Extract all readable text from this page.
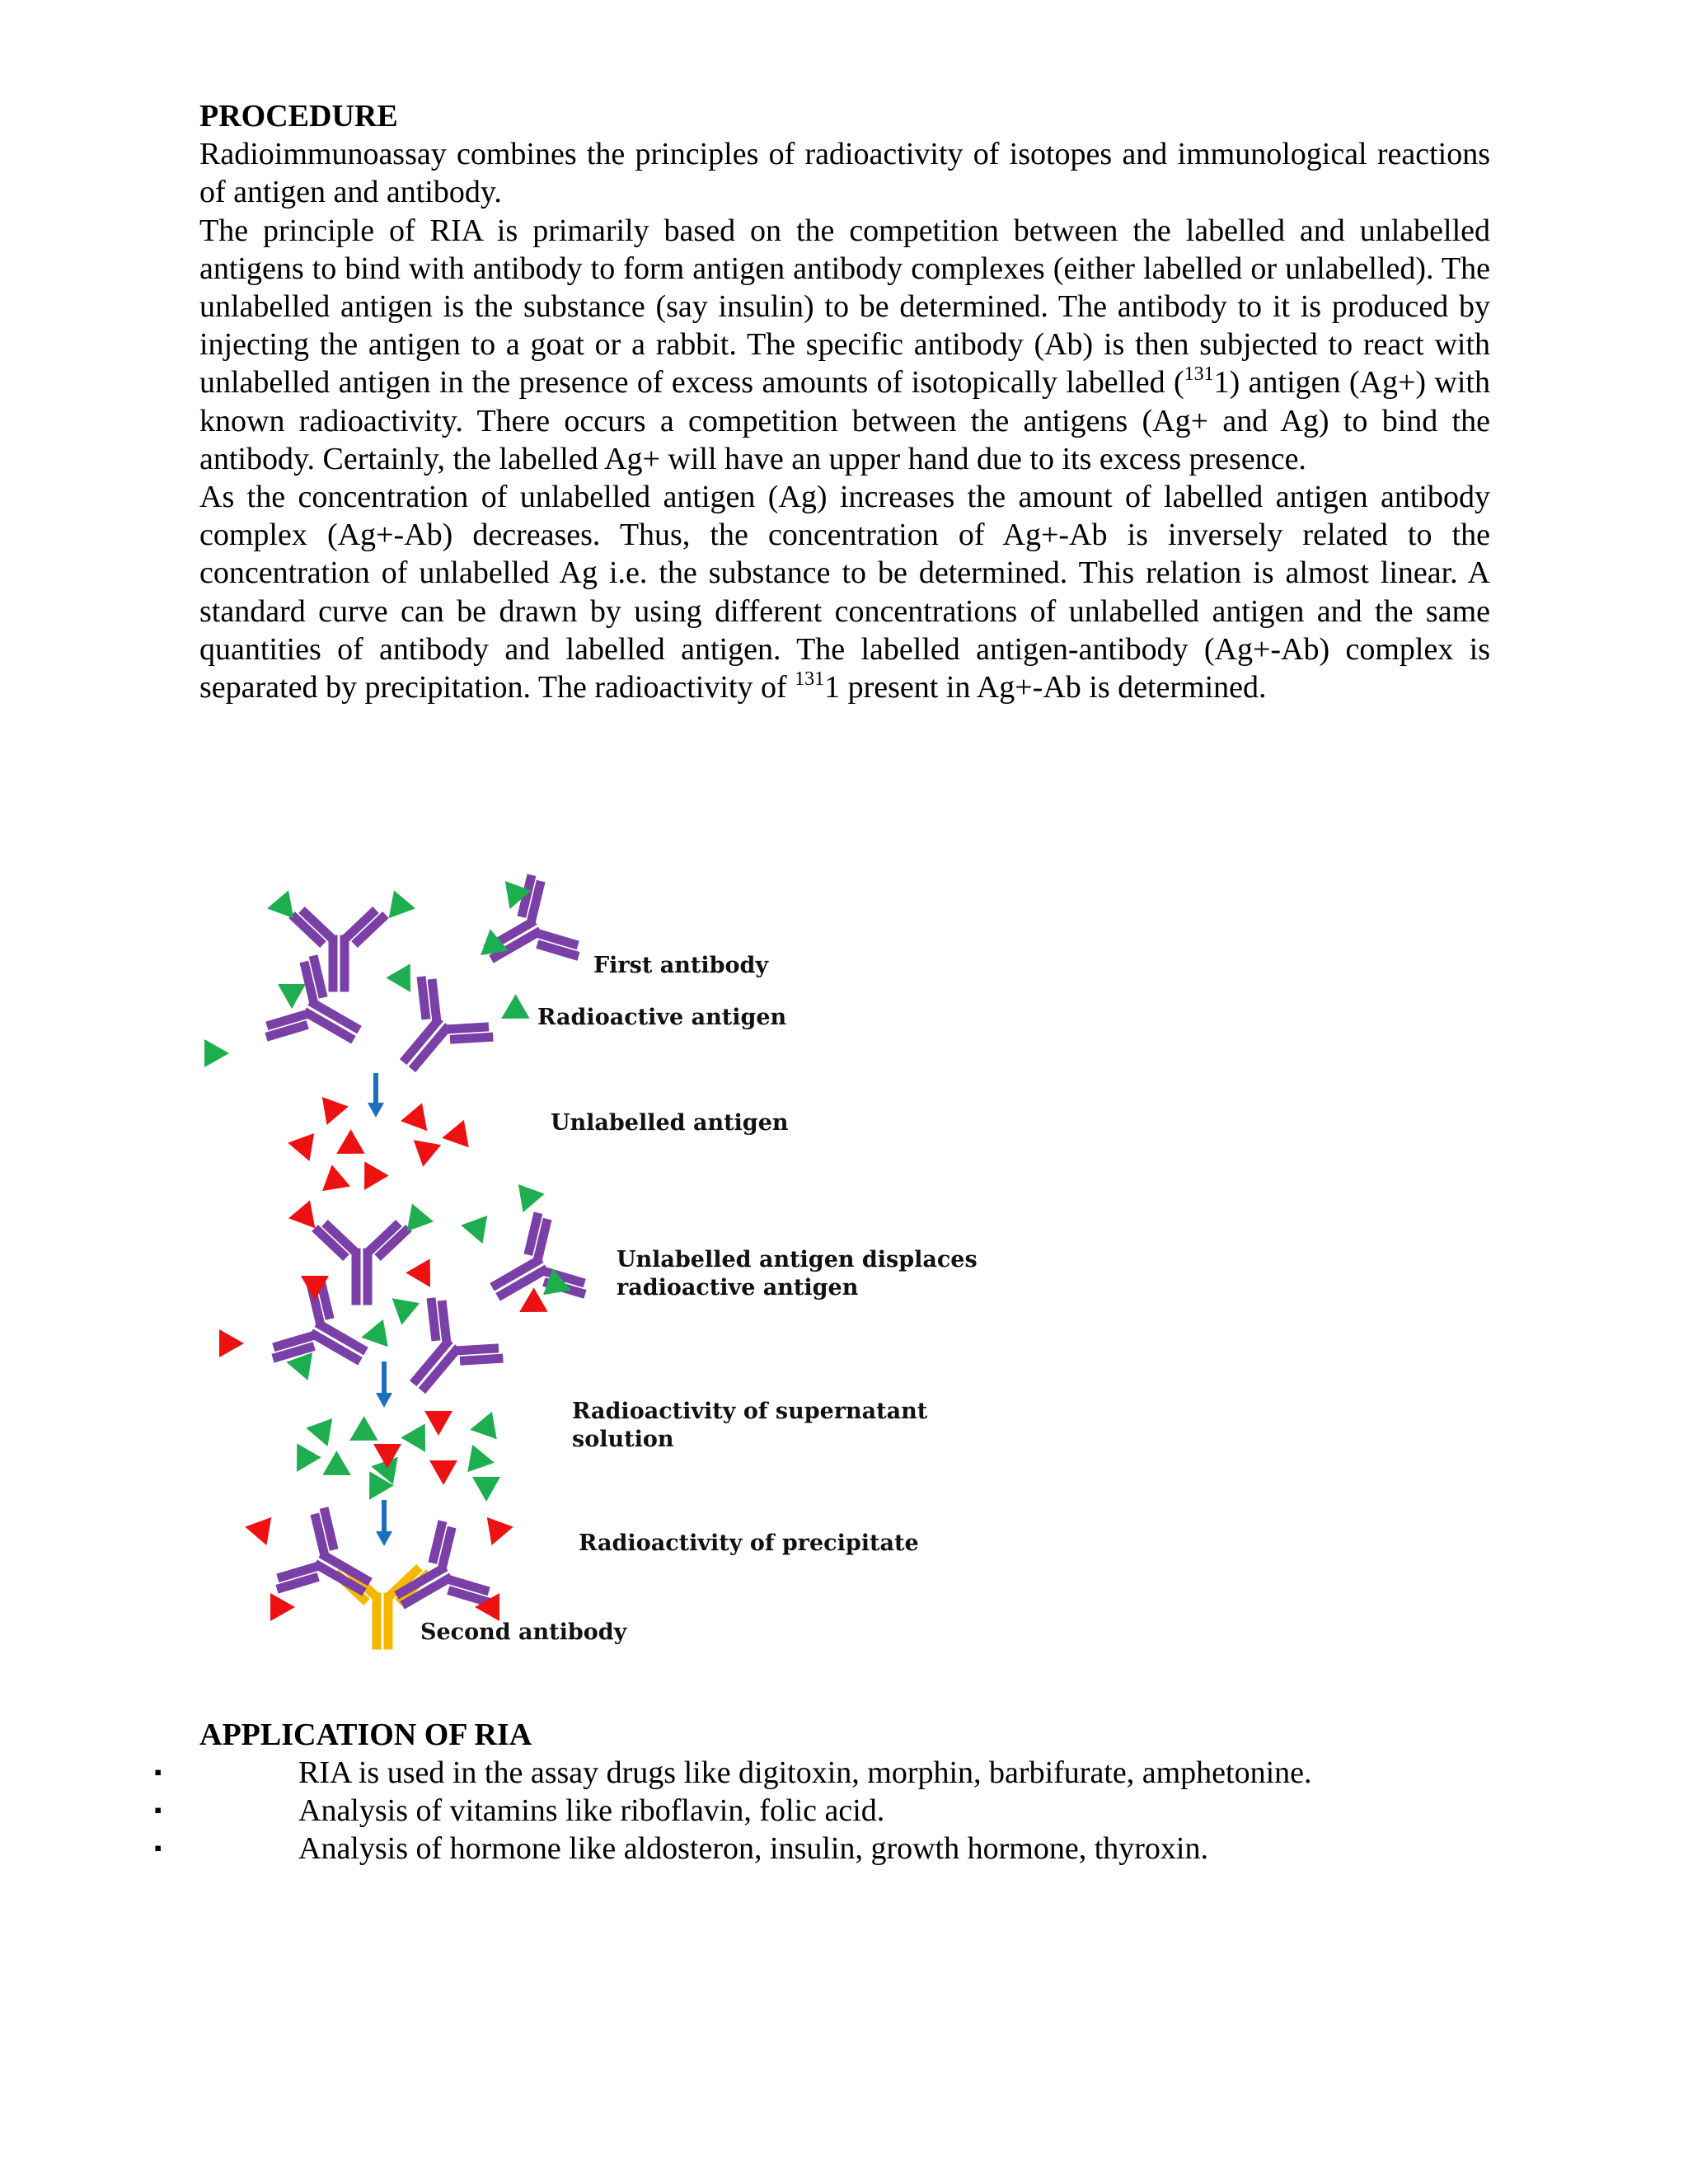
PROCEDURE

Radioimmunoassay combines the principles of radioactivity of isotopes and immunological reactions of antigen and antibody.

The principle of RIA is primarily based on the competition between the labelled and unlabelled antigens to bind with antibody to form antigen antibody complexes (either labelled or unlabelled). The unlabelled antigen is the substance (say insulin) to be determined. The antibody to it is produced by injecting the antigen to a goat or a rabbit. The specific antibody (Ab) is then subjected to react with unlabelled antigen in the presence of excess amounts of isotopically labelled ($^{131}$1) antigen (Ag+) with known radioactivity. There occurs a competition between the antigens (Ag+ and Ag) to bind the antibody. Certainly, the labelled Ag+ will have an upper hand due to its excess presence.

As the concentration of unlabelled antigen (Ag) increases the amount of labelled antigen antibody complex (Ag+-Ab) decreases. Thus, the concentration of Ag+-Ab is inversely related to the concentration of unlabelled Ag i.e. the substance to be determined. This relation is almost linear. A standard curve can be drawn by using different concentrations of unlabelled antigen and the same quantities of antibody and labelled antigen. The labelled antigen-antibody (Ag+-Ab) complex is separated by precipitation. The radioactivity of $^{131}$1 present in Ag+-Ab is determined.

First antibody
Radioactive antigen
Unlabelled antigen
Unlabelled antigen displaces
radioactive antigen
Radioactivity of supernatant
solution
Radioactivity of precipitate
Second antibody

APPLICATION OF RIA

▪	RIA is used in the assay drugs like digitoxin, morphin, barbifurate, amphetonine.
▪	Analysis of vitamins like riboflavin, folic acid.
▪	Analysis of hormone like aldosteron, insulin, growth hormone, thyroxin.
